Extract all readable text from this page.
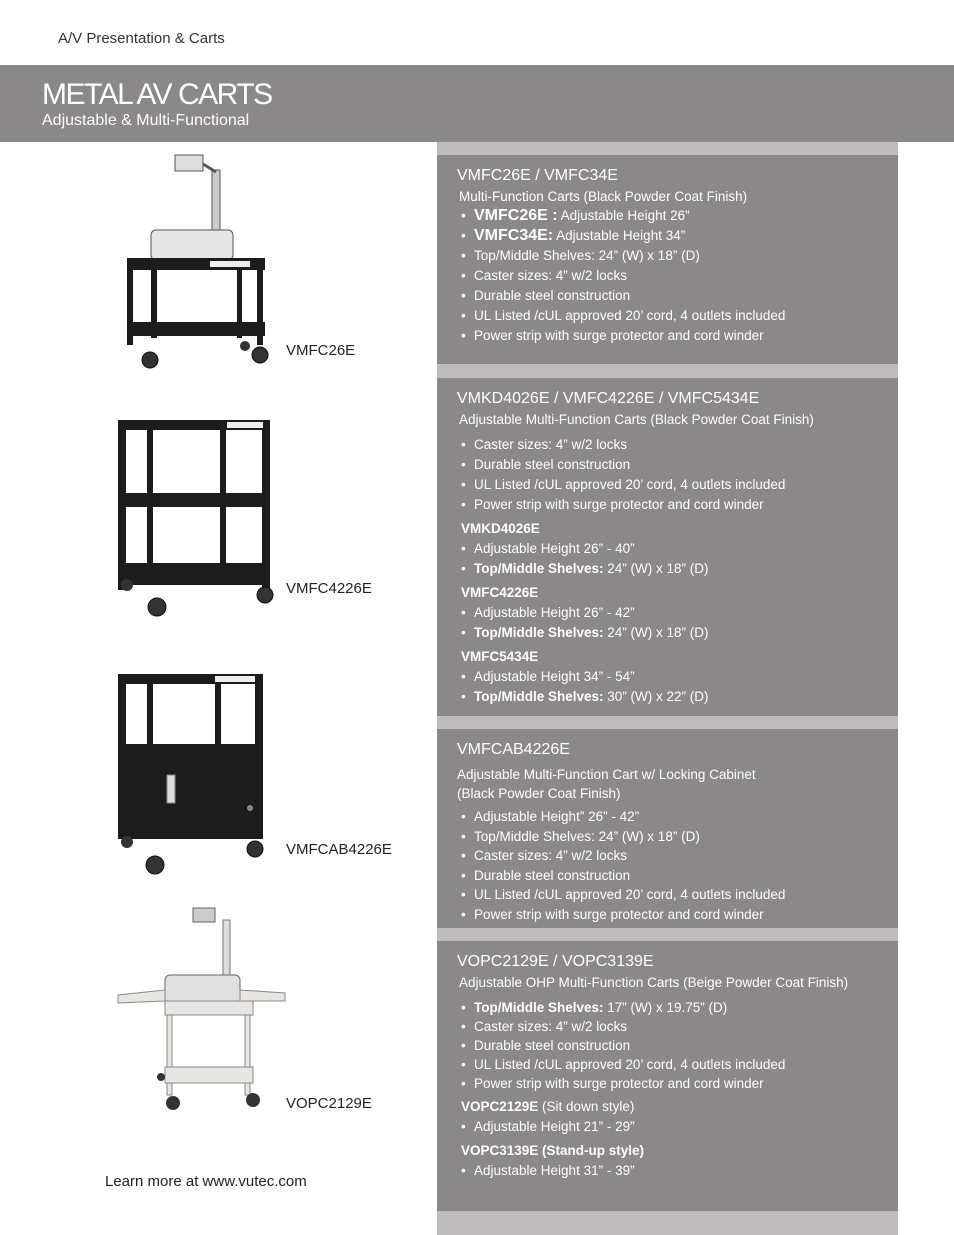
A/V Presentation & Carts
METAL AV CARTS
Adjustable & Multi-Functional
VMFC26E / VMFC34E
Multi-Function Carts (Black Powder Coat Finish)
• VMFC26E : Adjustable Height 26”
• VMFC34E: Adjustable Height 34”
• Top/Middle Shelves: 24” (W) x 18” (D)
• Caster sizes: 4” w/2 locks
• Durable steel construction
• UL Listed /cUL approved 20’ cord, 4 outlets included
• Power strip with surge protector and cord winder
VMKD4026E / VMFC4226E / VMFC5434E
Adjustable Multi-Function Carts (Black Powder Coat Finish)
• Caster sizes: 4” w/2 locks
• Durable steel construction
• UL Listed /cUL approved 20’ cord, 4 outlets included
• Power strip with surge protector and cord winder
VMKD4026E
• Adjustable Height 26” - 40”
• Top/Middle Shelves: 24” (W) x 18” (D)
VMFC4226E
• Adjustable Height 26” - 42”
• Top/Middle Shelves: 24” (W) x 18” (D)
VMFC5434E
• Adjustable Height 34” - 54”
• Top/Middle Shelves: 30” (W) x 22” (D)
VMFCAB4226E
Adjustable Multi-Function Cart w/ Locking Cabinet
(Black Powder Coat Finish)
• Adjustable Height” 26” - 42”
• Top/Middle Shelves: 24” (W) x 18” (D)
• Caster sizes: 4” w/2 locks
• Durable steel construction
• UL Listed /cUL approved 20’ cord, 4 outlets included
• Power strip with surge protector and cord winder
VOPC2129E / VOPC3139E
Adjustable OHP Multi-Function Carts (Beige Powder Coat Finish)
• Top/Middle Shelves: 17” (W) x 19.75” (D)
• Caster sizes: 4” w/2 locks
• Durable steel construction
• UL Listed /cUL approved 20’ cord, 4 outlets included
• Power strip with surge protector and cord winder
VOPC2129E (Sit down style)
• Adjustable Height 21” - 29”
VOPC3139E (Stand-up style)
• Adjustable Height 31” - 39”
VMFC26E
VMFC4226E
VMFCAB4226E
VOPC2129E
Learn more at www.vutec.com
